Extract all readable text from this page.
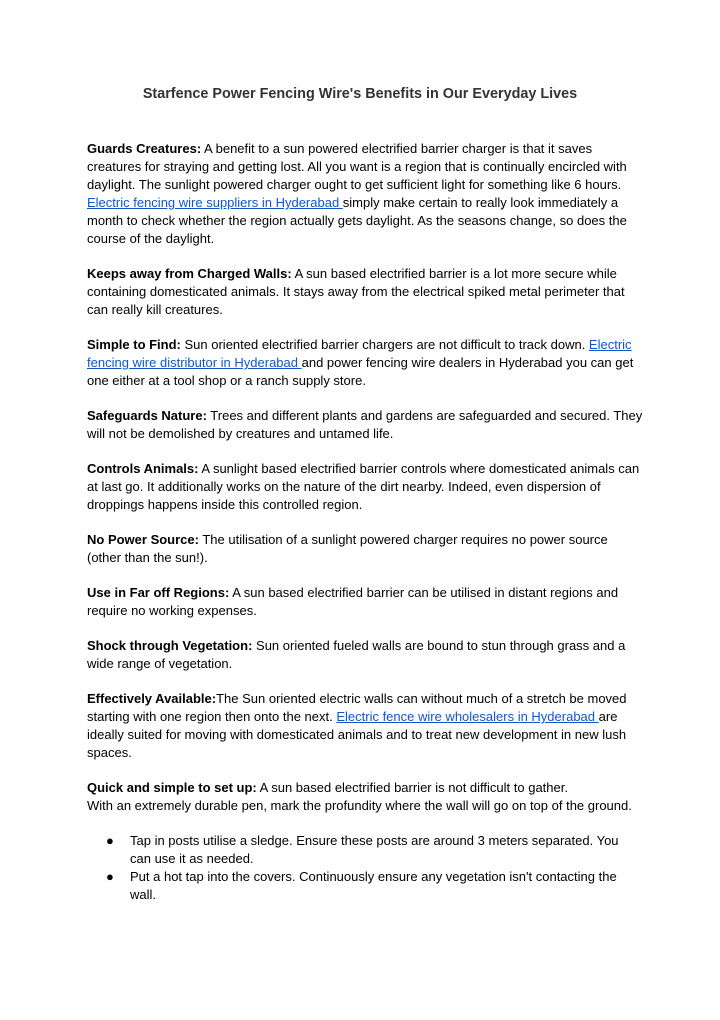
Starfence Power Fencing Wire's Benefits in Our Everyday Lives

Guards Creatures: A benefit to a sun powered electrified barrier charger is that it saves creatures for straying and getting lost. All you want is a region that is continually encircled with daylight. The sunlight powered charger ought to get sufficient light for something like 6 hours. Electric fencing wire suppliers in Hyderabad simply make certain to really look immediately a month to check whether the region actually gets daylight. As the seasons change, so does the course of the daylight.

Keeps away from Charged Walls: A sun based electrified barrier is a lot more secure while containing domesticated animals. It stays away from the electrical spiked metal perimeter that can really kill creatures.

Simple to Find: Sun oriented electrified barrier chargers are not difficult to track down. Electric fencing wire distributor in Hyderabad and power fencing wire dealers in Hyderabad you can get one either at a tool shop or a ranch supply store.

Safeguards Nature: Trees and different plants and gardens are safeguarded and secured. They will not be demolished by creatures and untamed life.

Controls Animals: A sunlight based electrified barrier controls where domesticated animals can at last go. It additionally works on the nature of the dirt nearby. Indeed, even dispersion of droppings happens inside this controlled region.

No Power Source: The utilisation of a sunlight powered charger requires no power source (other than the sun!).

Use in Far off Regions: A sun based electrified barrier can be utilised in distant regions and require no working expenses.

Shock through Vegetation: Sun oriented fueled walls are bound to stun through grass and a wide range of vegetation.

Effectively Available:The Sun oriented electric walls can without much of a stretch be moved starting with one region then onto the next. Electric fence wire wholesalers in Hyderabad are ideally suited for moving with domesticated animals and to treat new development in new lush spaces.

Quick and simple to set up: A sun based electrified barrier is not difficult to gather.
With an extremely durable pen, mark the profundity where the wall will go on top of the ground.

● Tap in posts utilise a sledge. Ensure these posts are around 3 meters separated. You can use it as needed.
● Put a hot tap into the covers. Continuously ensure any vegetation isn't contacting the wall.
